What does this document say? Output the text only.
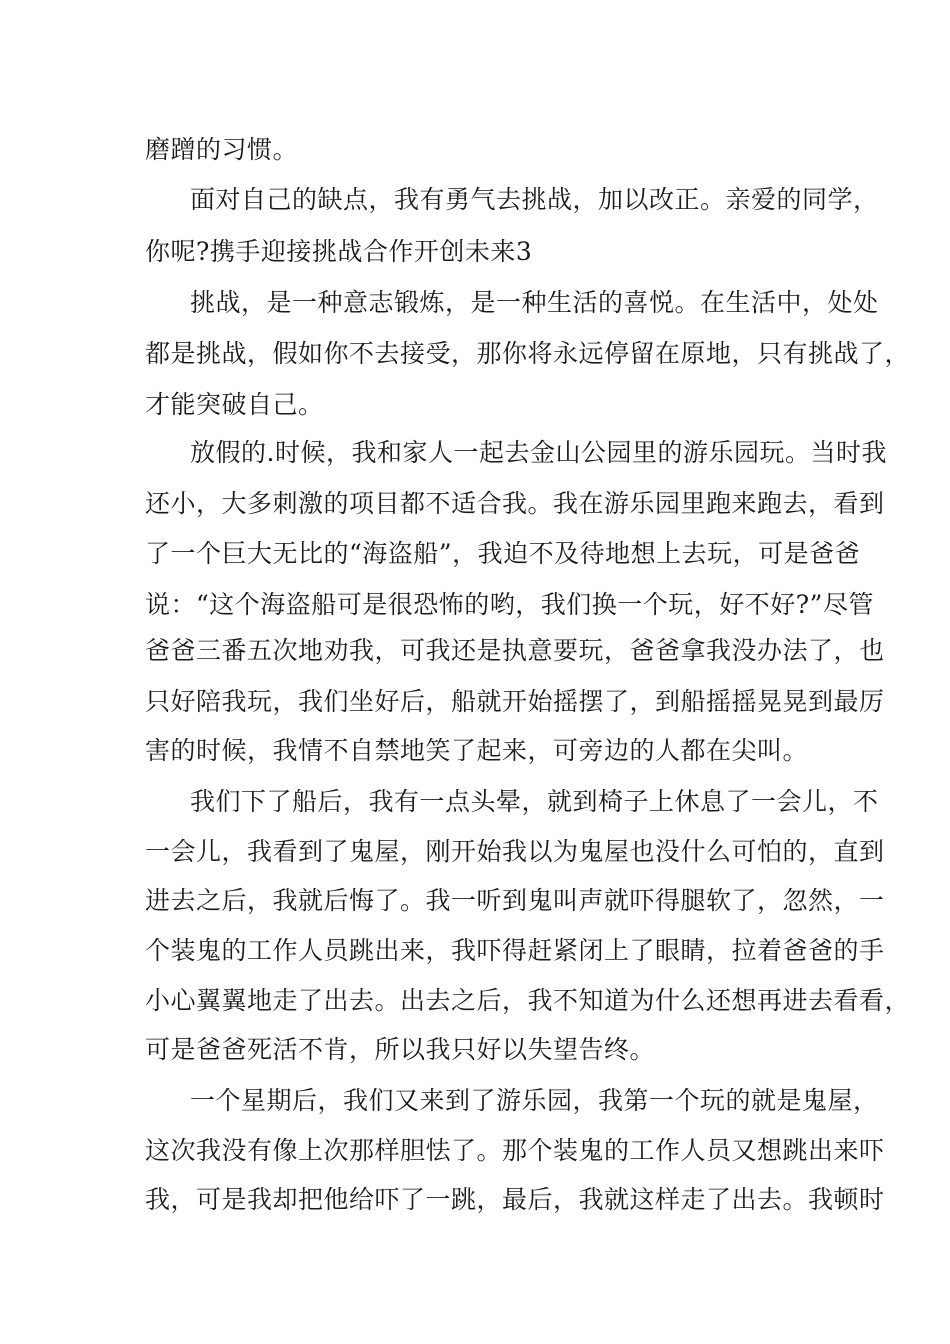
磨蹭的习惯。
面对自己的缺点，我有勇气去挑战，加以改正。亲爱的同学，
你呢?携手迎接挑战合作开创未来3
挑战，是一种意志锻炼，是一种生活的喜悦。在生活中，处处
都是挑战，假如你不去接受，那你将永远停留在原地，只有挑战了，
才能突破自己。
放假的.时候，我和家人一起去金山公园里的游乐园玩。当时我
还小，大多刺激的项目都不适合我。我在游乐园里跑来跑去，看到
了一个巨大无比的“海盗船”，我迫不及待地想上去玩，可是爸爸
说：“这个海盗船可是很恐怖的哟，我们换一个玩，好不好?”尽管
爸爸三番五次地劝我，可我还是执意要玩，爸爸拿我没办法了，也
只好陪我玩，我们坐好后，船就开始摇摆了，到船摇摇晃晃到最厉
害的时候，我情不自禁地笑了起来，可旁边的人都在尖叫。
我们下了船后，我有一点头晕，就到椅子上休息了一会儿，不
一会儿，我看到了鬼屋，刚开始我以为鬼屋也没什么可怕的，直到
进去之后，我就后悔了。我一听到鬼叫声就吓得腿软了，忽然，一
个装鬼的工作人员跳出来，我吓得赶紧闭上了眼睛，拉着爸爸的手
小心翼翼地走了出去。出去之后，我不知道为什么还想再进去看看，
可是爸爸死活不肯，所以我只好以失望告终。
一个星期后，我们又来到了游乐园，我第一个玩的就是鬼屋，
这次我没有像上次那样胆怯了。那个装鬼的工作人员又想跳出来吓
我，可是我却把他给吓了一跳，最后，我就这样走了出去。我顿时
